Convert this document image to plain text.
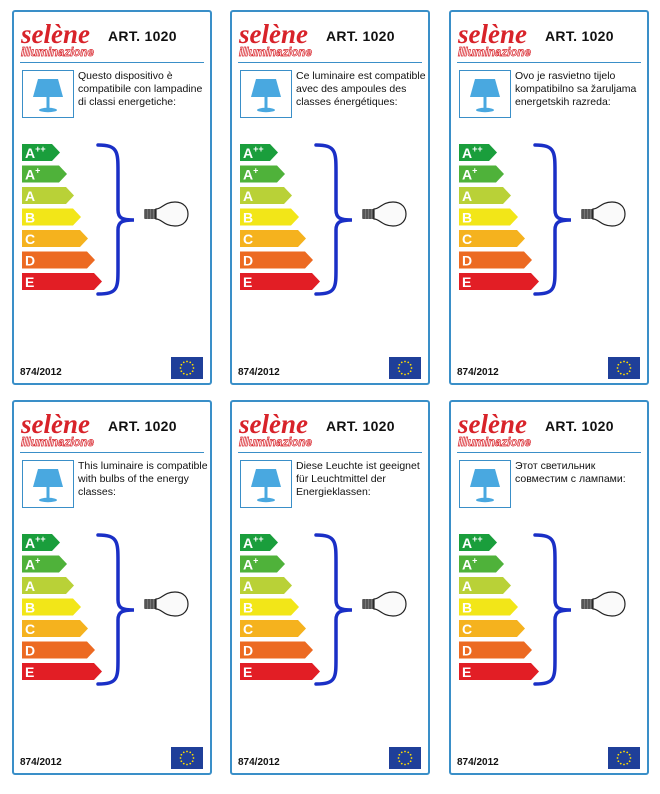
selène
illuminazione
ART. 1020
Questo dispositivo è compatibile con lampadine di classi energetiche:
A++
A+
A
B
C
D
E
874/2012
selène
illuminazione
ART. 1020
Ce luminaire est compatible avec des ampoules des classes énergétiques:
A++
A+
A
B
C
D
E
874/2012
selène
illuminazione
ART. 1020
Ovo je rasvietno tijelo kompatibilno sa žaruljama energetskih razreda:
A++
A+
A
B
C
D
E
874/2012
selène
illuminazione
ART. 1020
This luminaire is compatible with bulbs of the energy classes:
A++
A+
A
B
C
D
E
874/2012
selène
illuminazione
ART. 1020
Diese Leuchte ist geeignet für Leuchtmittel der Energieklassen:
A++
A+
A
B
C
D
E
874/2012
selène
illuminazione
ART. 1020
Этот светильник совместим с лампами:
A++
A+
A
B
C
D
E
874/2012
